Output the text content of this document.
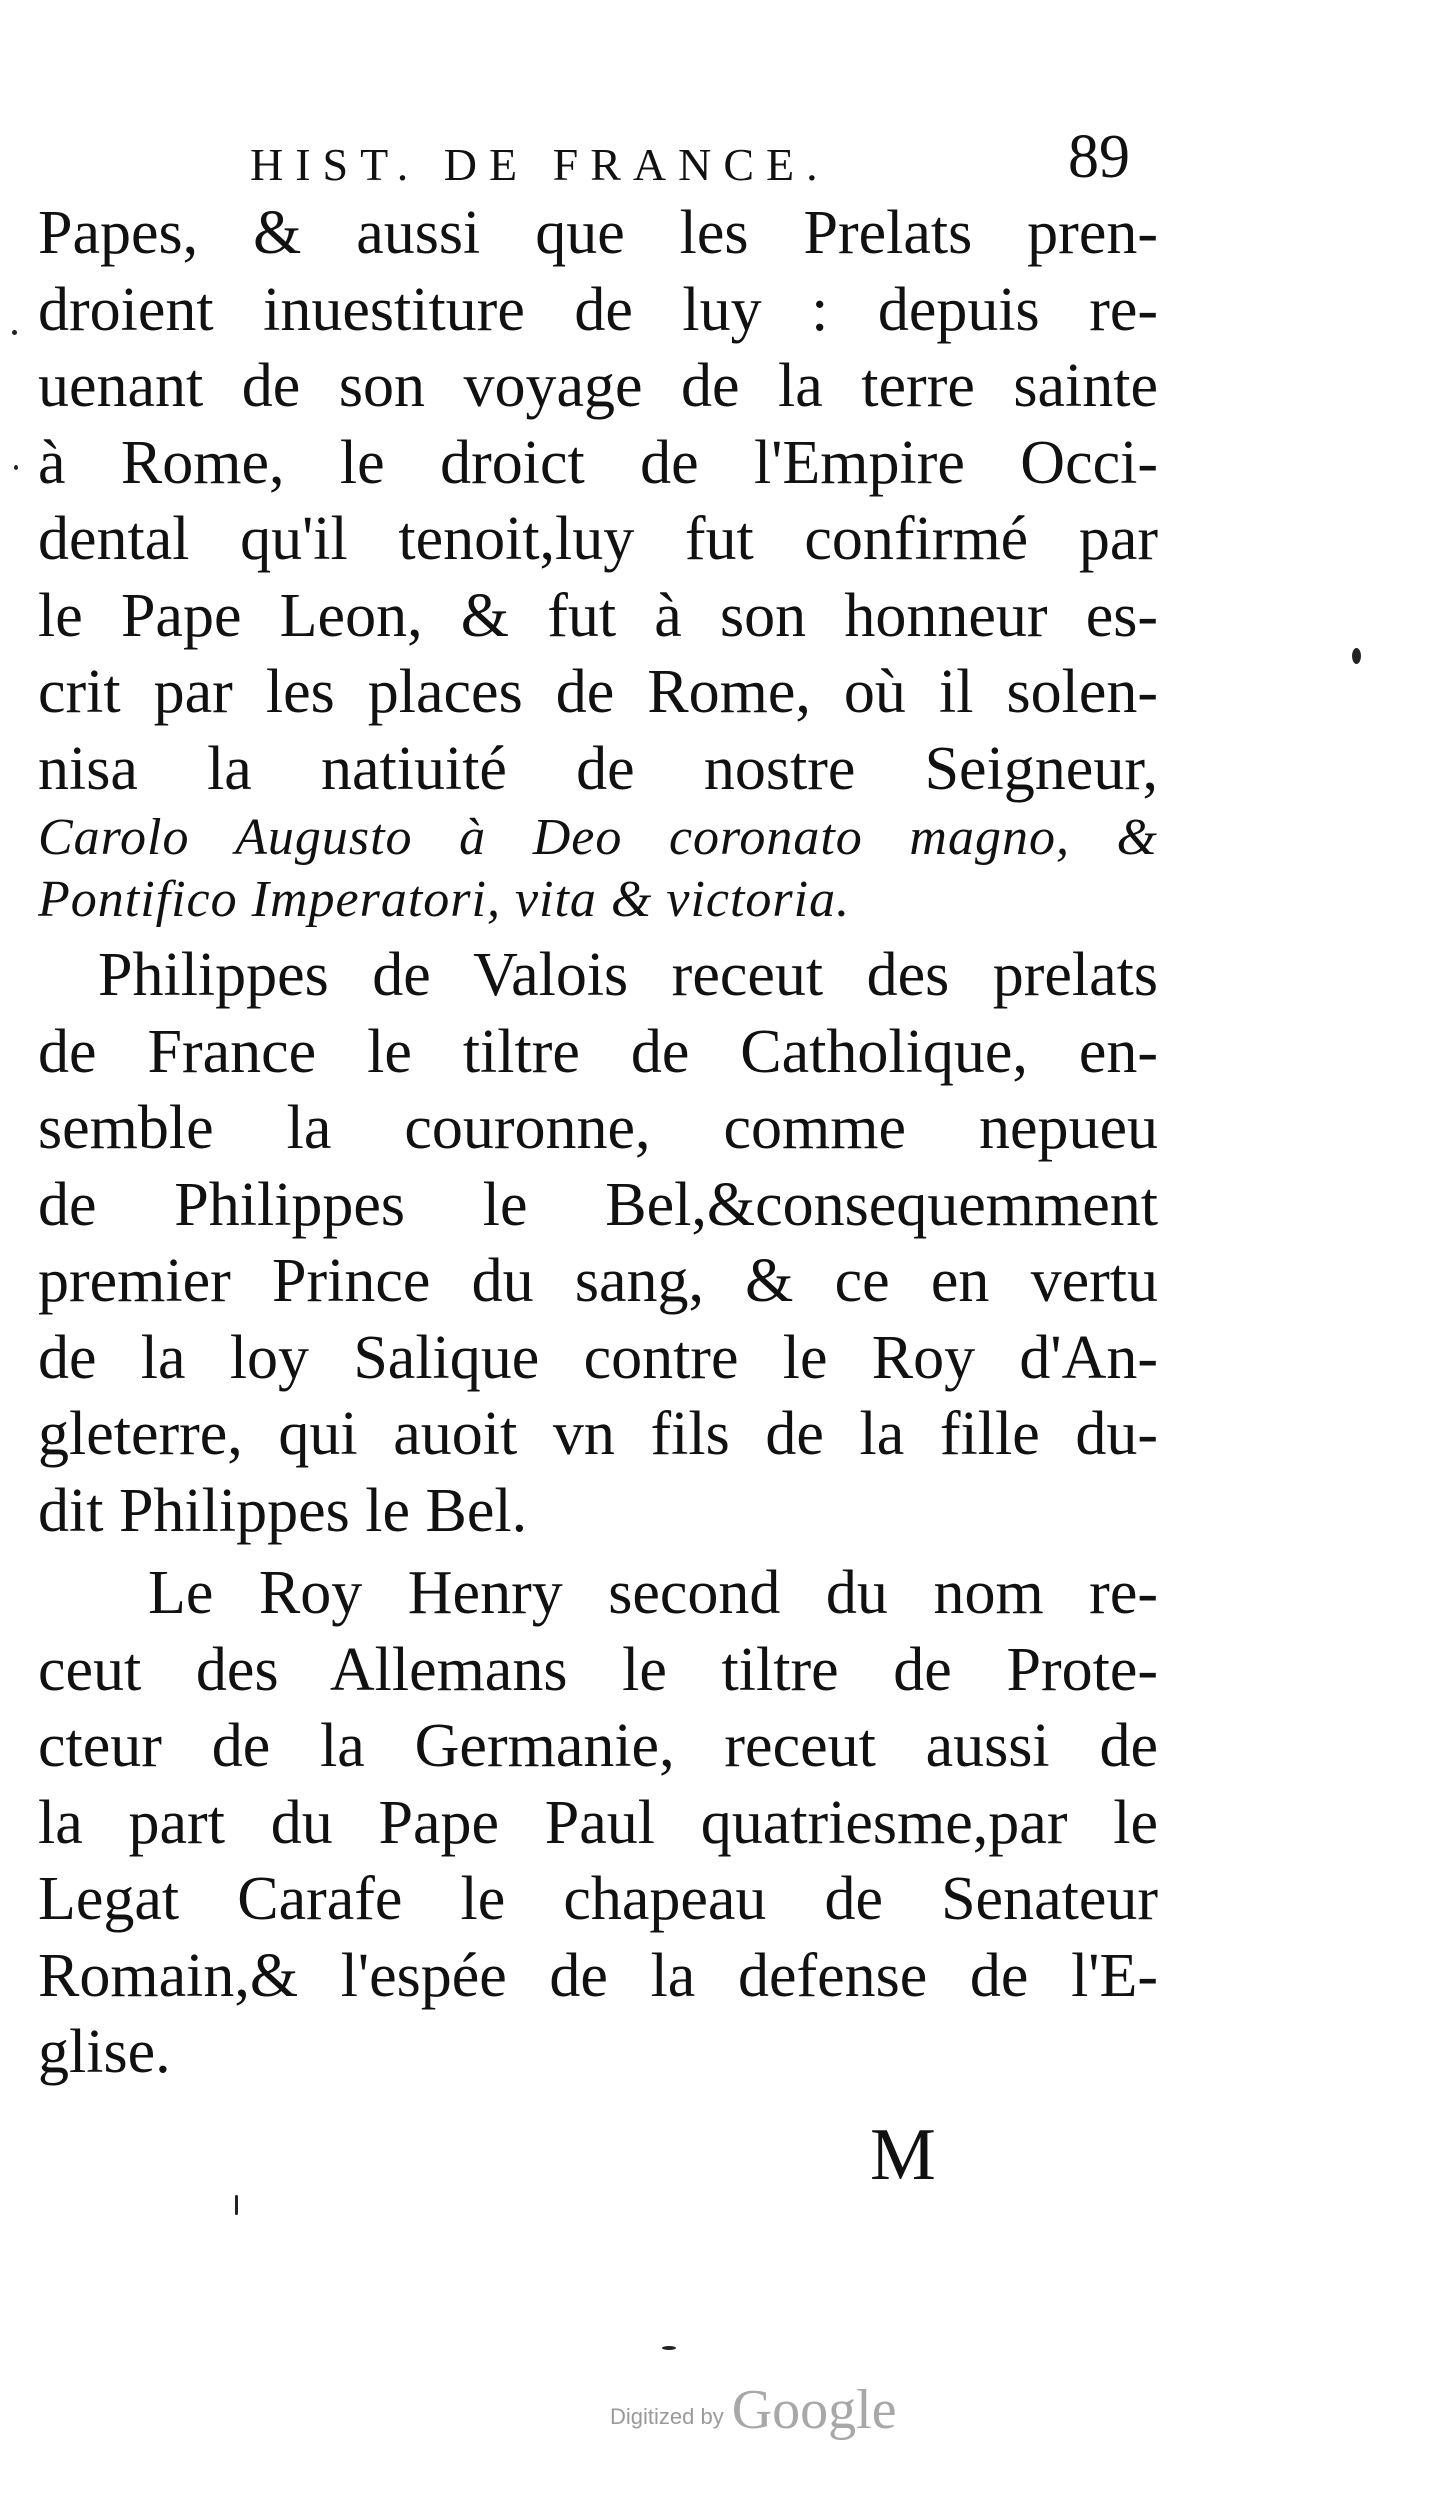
HIST. DE FRANCE.	89
Papes, & aussi que les Prelats pren-
droient inuestiture de luy : depuis re-
uenant de son voyage de la terre sainte
à Rome, le droict de l'Empire Occi-
dental qu'il tenoit,luy fut confirmé par
le Pape Leon, & fut à son honneur es-
crit par les places de Rome, où il solen-
nisa la natiuité de nostre Seigneur,
Carolo Augusto à Deo coronato magno, &
Pontifico Imperatori, vita & victoria.
Philippes de Valois receut des prelats
de France le tiltre de Catholique, en-
semble la couronne, comme nepueu
de Philippes le Bel,&consequemment
premier Prince du sang, & ce en vertu
de la loy Salique contre le Roy d'An-
gleterre, qui auoit vn fils de la fille du-
dit Philippes le Bel.
Le Roy Henry second du nom re-
ceut des Allemans le tiltre de Prote-
cteur de la Germanie, receut aussi de
la part du Pape Paul quatriesme,par le
Legat Carafe le chapeau de Senateur
Romain,& l'espée de la defense de l'E-
glise.
M
Digitized by Google
